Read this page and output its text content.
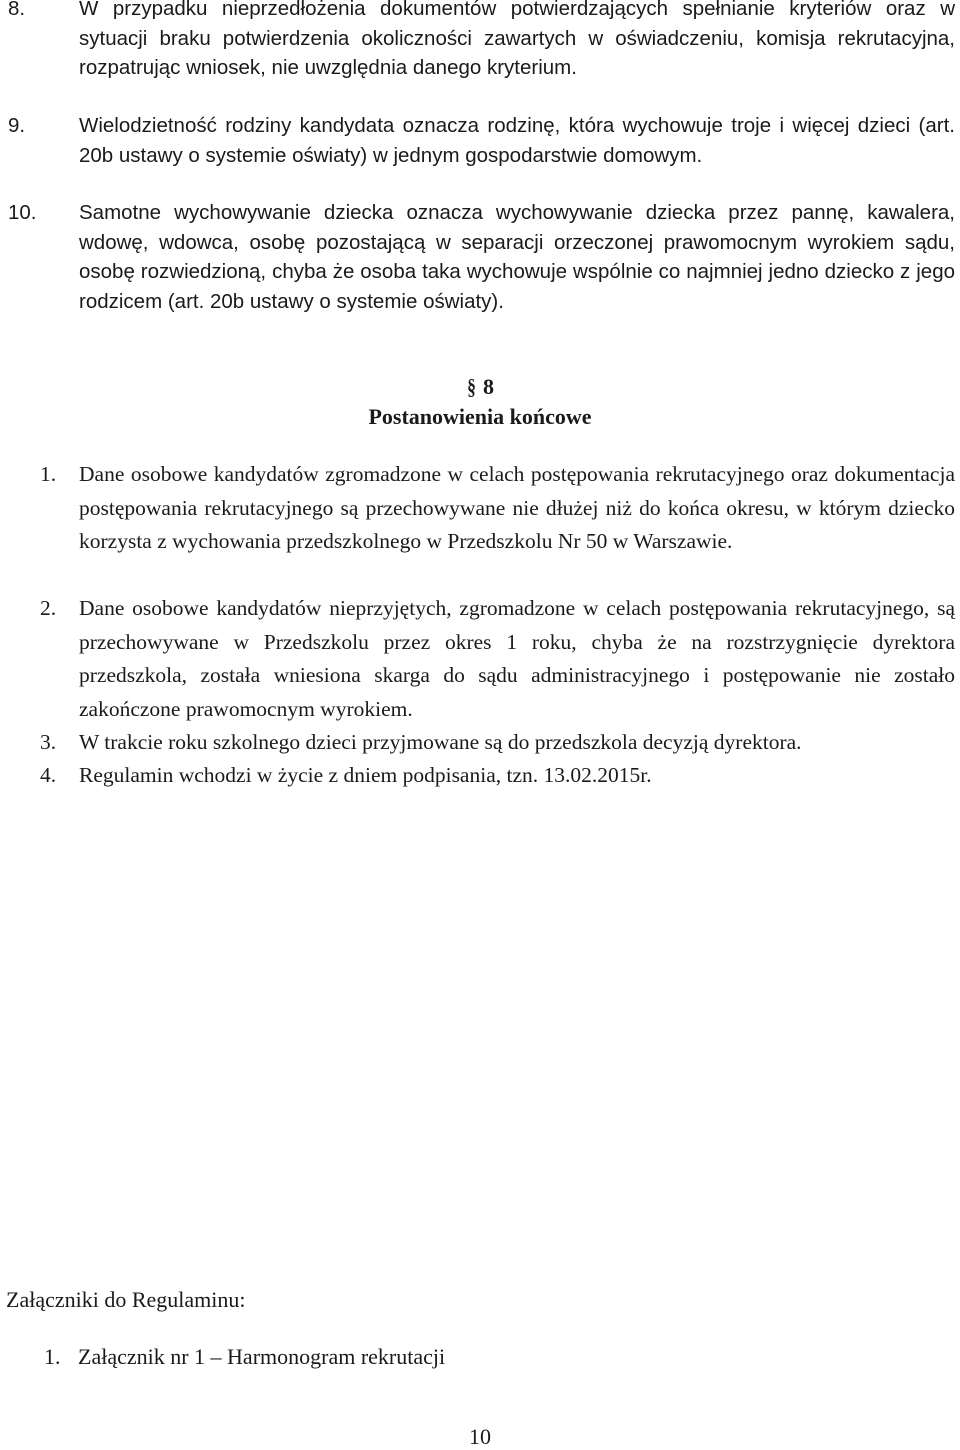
8.	W przypadku nieprzedłożenia dokumentów potwierdzających spełnianie kryteriów oraz w sytuacji braku potwierdzenia okoliczności zawartych w oświadczeniu, komisja rekrutacyjna, rozpatrując wniosek, nie uwzględnia danego kryterium.
9.	Wielodzietność rodziny kandydata oznacza rodzinę, która wychowuje troje i więcej dzieci (art. 20b ustawy o systemie oświaty) w jednym gospodarstwie domowym.
10. Samotne wychowywanie dziecka oznacza wychowywanie dziecka przez pannę, kawalera, wdowę, wdowca, osobę pozostającą w separacji orzeczonej prawomocnym wyrokiem sądu, osobę rozwiedzioną, chyba że osoba taka wychowuje wspólnie co najmniej jedno dziecko z jego rodzicem (art. 20b ustawy o systemie oświaty).
§ 8
Postanowienia końcowe
1. Dane osobowe kandydatów zgromadzone w celach postępowania rekrutacyjnego oraz dokumentacja postępowania rekrutacyjnego są przechowywane nie dłużej niż do końca okresu, w którym dziecko korzysta z wychowania przedszkolnego w Przedszkolu Nr 50 w Warszawie.
2. Dane osobowe kandydatów nieprzyjętych, zgromadzone w celach postępowania rekrutacyjnego, są przechowywane w Przedszkolu przez okres 1 roku, chyba że na rozstrzygnięcie dyrektora przedszkola, została wniesiona skarga do sądu administracyjnego i postępowanie nie zostało zakończone prawomocnym wyrokiem.
3. W trakcie roku szkolnego dzieci przyjmowane są do przedszkola decyzją dyrektora.
4. Regulamin wchodzi w życie z dniem podpisania, tzn. 13.02.2015r.
Załączniki do Regulaminu:
1. Załącznik nr 1 – Harmonogram rekrutacji
10
